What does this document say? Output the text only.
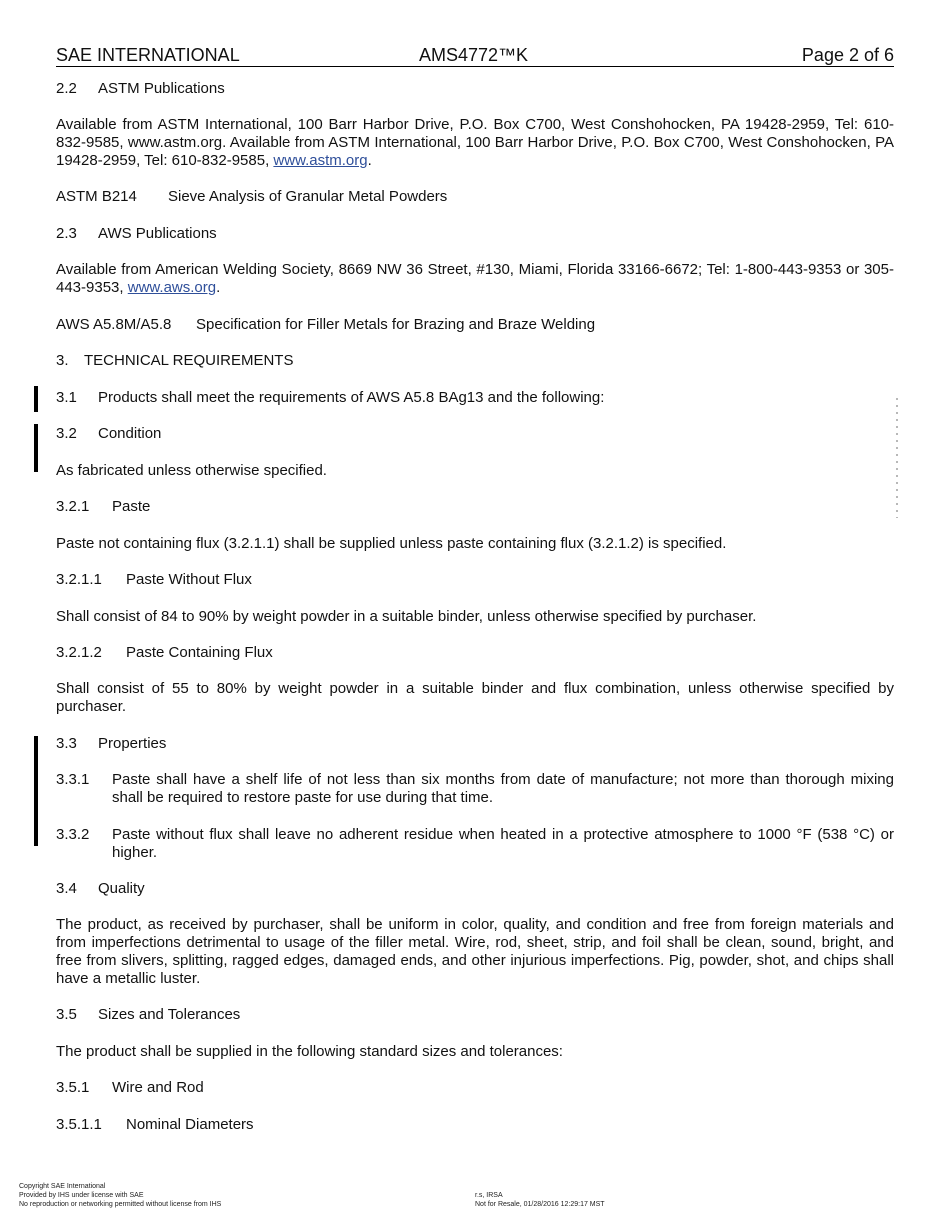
SAE INTERNATIONAL	AMS4772™K	Page 2 of 6
2.2 ASTM Publications
Available from ASTM International, 100 Barr Harbor Drive, P.O. Box C700, West Conshohocken, PA 19428-2959, Tel: 610-832-9585, www.astm.org. Available from ASTM International, 100 Barr Harbor Drive, P.O. Box C700, West Conshohocken, PA 19428-2959, Tel: 610-832-9585, www.astm.org.
ASTM B214 Sieve Analysis of Granular Metal Powders
2.3 AWS Publications
Available from American Welding Society, 8669 NW 36 Street, #130, Miami, Florida 33166-6672; Tel: 1-800-443-9353 or 305-443-9353, www.aws.org.
AWS A5.8M/A5.8 Specification for Filler Metals for Brazing and Braze Welding
3. TECHNICAL REQUIREMENTS
3.1 Products shall meet the requirements of AWS A5.8 BAg13 and the following:
3.2 Condition
As fabricated unless otherwise specified.
3.2.1 Paste
Paste not containing flux (3.2.1.1) shall be supplied unless paste containing flux (3.2.1.2) is specified.
3.2.1.1 Paste Without Flux
Shall consist of 84 to 90% by weight powder in a suitable binder, unless otherwise specified by purchaser.
3.2.1.2 Paste Containing Flux
Shall consist of 55 to 80% by weight powder in a suitable binder and flux combination, unless otherwise specified by purchaser.
3.3 Properties
3.3.1 Paste shall have a shelf life of not less than six months from date of manufacture; not more than thorough mixing shall be required to restore paste for use during that time.
3.3.2 Paste without flux shall leave no adherent residue when heated in a protective atmosphere to 1000 °F (538 °C) or higher.
3.4 Quality
The product, as received by purchaser, shall be uniform in color, quality, and condition and free from foreign materials and from imperfections detrimental to usage of the filler metal. Wire, rod, sheet, strip, and foil shall be clean, sound, bright, and free from slivers, splitting, ragged edges, damaged ends, and other injurious imperfections. Pig, powder, shot, and chips shall have a metallic luster.
3.5 Sizes and Tolerances
The product shall be supplied in the following standard sizes and tolerances:
3.5.1 Wire and Rod
3.5.1.1 Nominal Diameters
Copyright SAE International
Provided by IHS under license with SAE
No reproduction or networking permitted without license from IHS
r.s, IRSA
Not for Resale, 01/28/2016 12:29:17 MST
